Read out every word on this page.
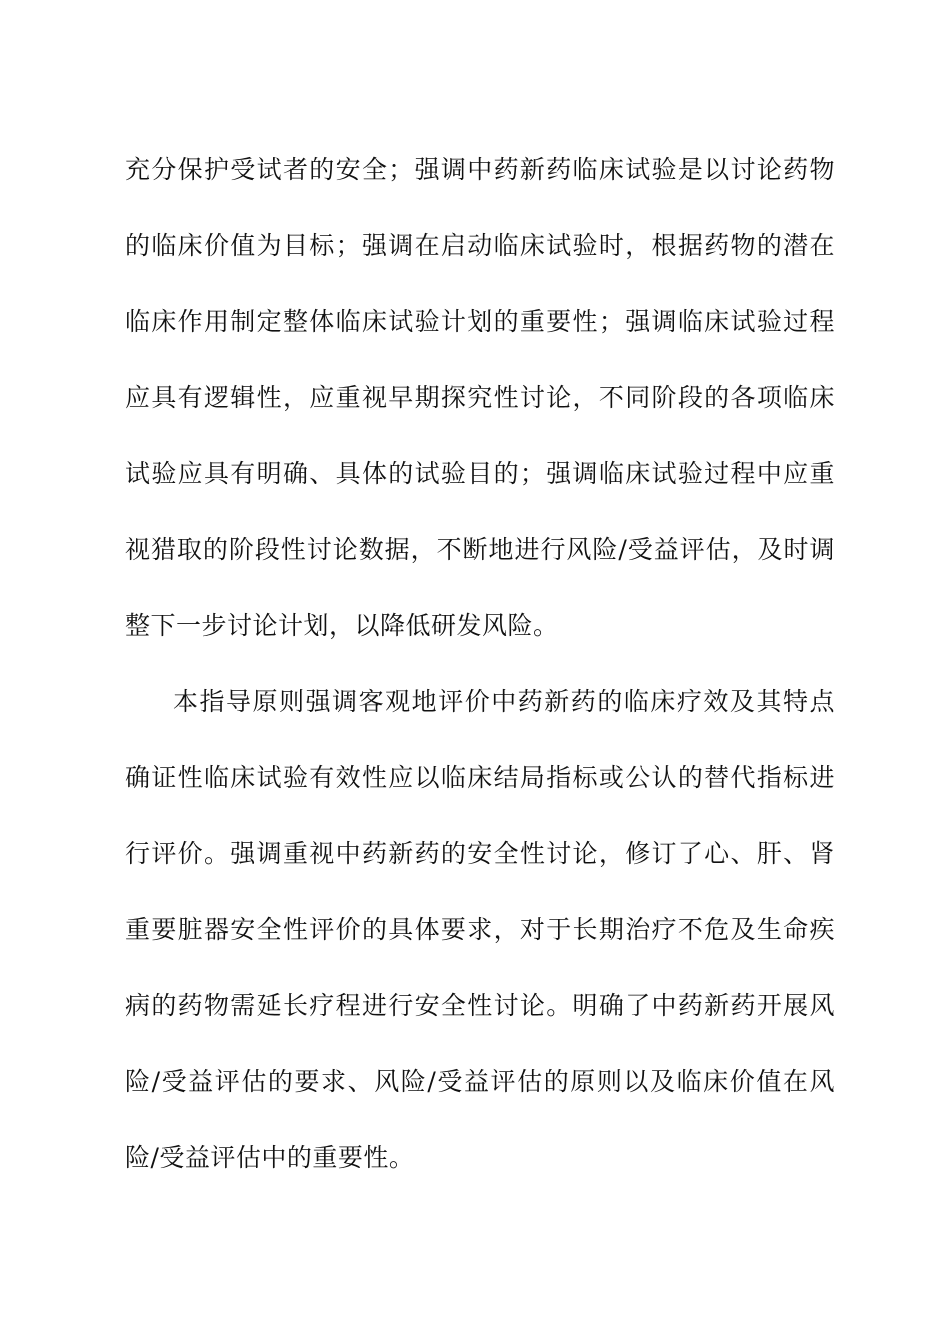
充分保护受试者的安全；强调中药新药临床试验是以讨论药物
的临床价值为目标；强调在启动临床试验时，根据药物的潜在
临床作用制定整体临床试验计划的重要性；强调临床试验过程
应具有逻辑性，应重视早期探究性讨论，不同阶段的各项临床
试验应具有明确、具体的试验目的；强调临床试验过程中应重
视猎取的阶段性讨论数据，不断地进行风险/受益评估，及时调
整下一步讨论计划，以降低研发风险。
本指导原则强调客观地评价中药新药的临床疗效及其特点
确证性临床试验有效性应以临床结局指标或公认的替代指标进
行评价。强调重视中药新药的安全性讨论，修订了心、肝、肾
重要脏器安全性评价的具体要求，对于长期治疗不危及生命疾
病的药物需延长疗程进行安全性讨论。明确了中药新药开展风
险/受益评估的要求、风险/受益评估的原则以及临床价值在风
险/受益评估中的重要性。
